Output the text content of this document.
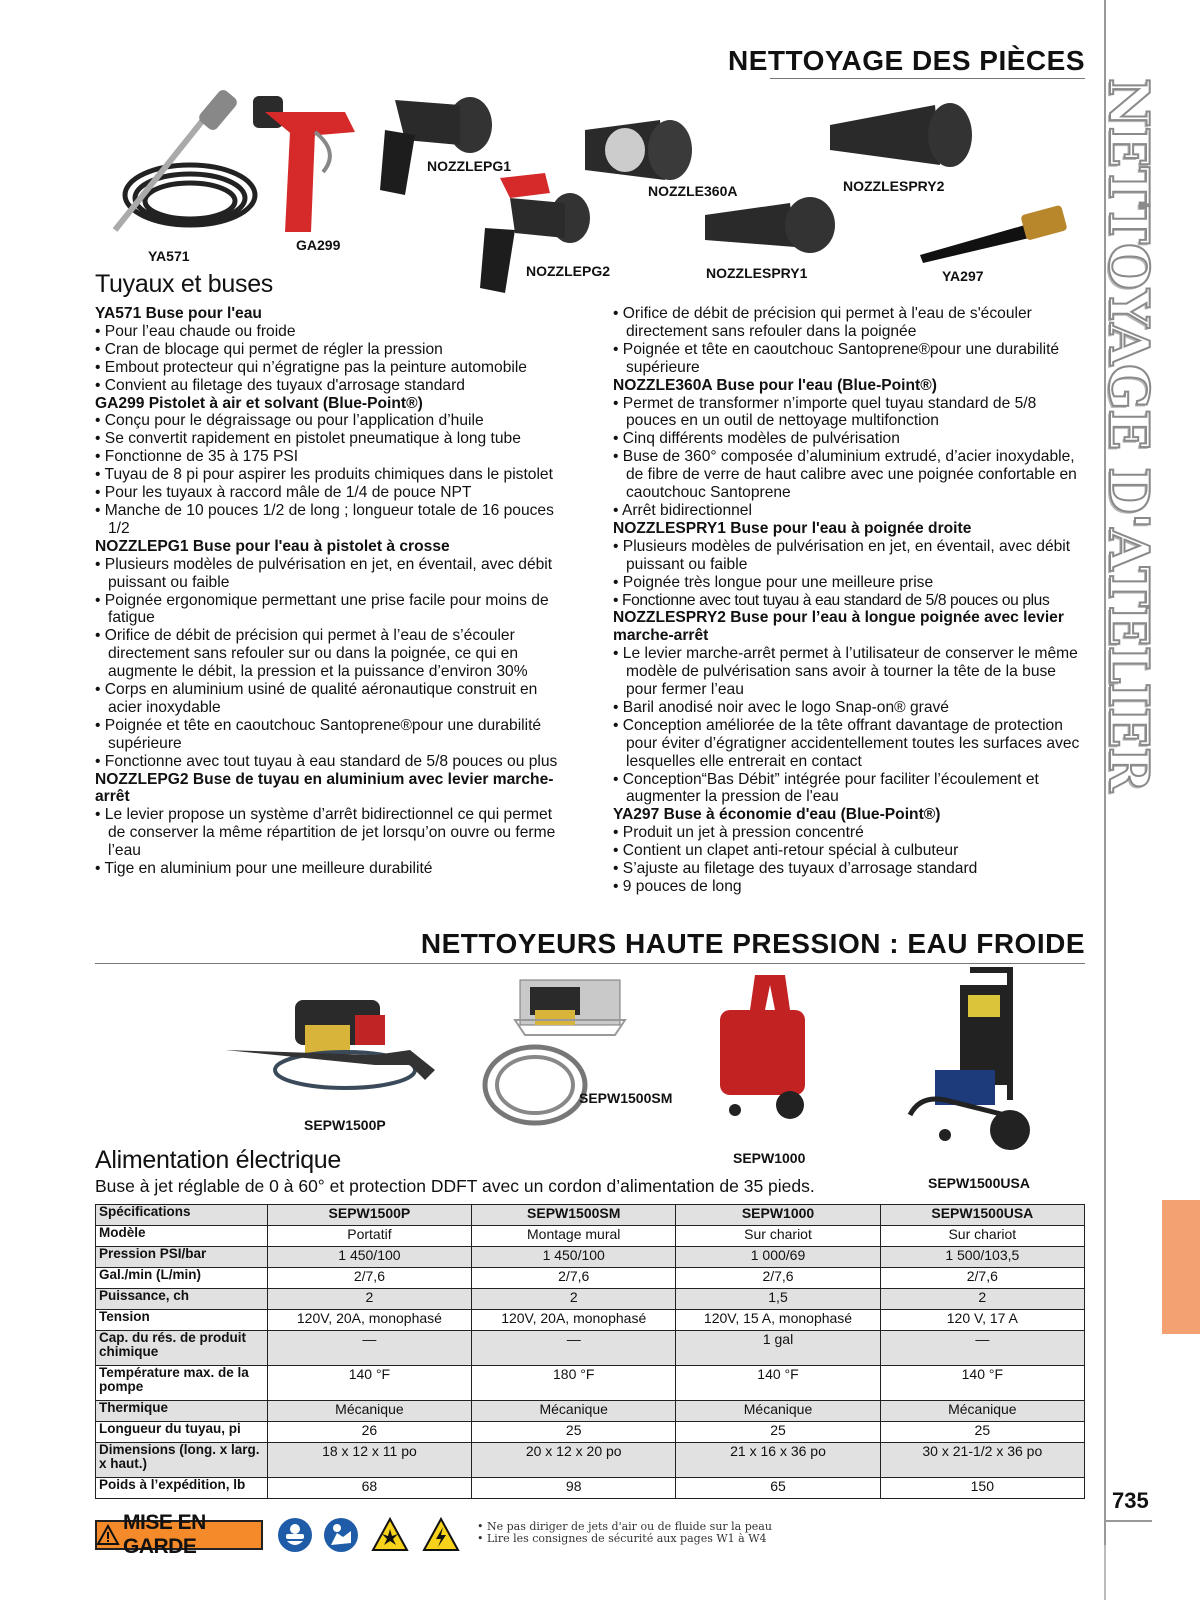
NETTOYAGE D'ATELIER
735
NETTOYAGE DES PIÈCES
YA571
GA299
NOZZLEPG1
NOZZLEPG2
NOZZLE360A
NOZZLESPRY1
NOZZLESPRY2
YA297
Tuyaux et buses
YA571 Buse pour l'eau
• Pour l’eau chaude ou froide
• Cran de blocage qui permet de régler la pression
• Embout protecteur qui n’égratigne pas la peinture automobile
• Convient au filetage des tuyaux d'arrosage standard
GA299 Pistolet à air et solvant (Blue-Point®)
• Conçu pour le dégraissage ou pour l’application d’huile
• Se convertit rapidement en pistolet pneumatique à long tube
• Fonctionne de 35 à 175 PSI
• Tuyau de 8 pi pour aspirer les produits chimiques dans le pistolet
• Pour les tuyaux à raccord mâle de 1/4 de pouce NPT
• Manche de 10 pouces 1/2 de long ; longueur totale de 16 pouces 1/2
NOZZLEPG1 Buse pour l'eau à pistolet à crosse
• Plusieurs modèles de pulvérisation en jet, en éventail, avec débit puissant ou faible
• Poignée ergonomique permettant une prise facile pour moins de fatigue
• Orifice de débit de précision qui permet à l’eau de s’écouler directement sans refouler sur ou dans la poignée, ce qui en augmente le débit, la pression et la puissance d’environ 30%
• Corps en aluminium usiné de qualité aéronautique construit en acier inoxydable
• Poignée et tête en caoutchouc Santoprene®pour une durabilité supérieure
• Fonctionne avec tout tuyau à eau standard de 5/8 pouces ou plus
NOZZLEPG2 Buse de tuyau en aluminium avec levier marche-arrêt
• Le levier propose un système d’arrêt bidirectionnel ce qui permet de conserver la même répartition de jet lorsqu’on ouvre ou ferme l’eau
• Tige en aluminium pour une meilleure durabilité
• Orifice de débit de précision qui permet à l'eau de s'écouler directement sans refouler dans la poignée
• Poignée et tête en caoutchouc Santoprene®pour une durabilité supérieure
NOZZLE360A Buse pour l'eau (Blue-Point®)
• Permet de transformer n’importe quel tuyau standard de 5/8 pouces en un outil de nettoyage multifonction
• Cinq différents modèles de pulvérisation
• Buse de 360° composée d’aluminium extrudé, d’acier inoxydable, de fibre de verre de haut calibre avec une poignée confortable en caoutchouc Santoprene
• Arrêt bidirectionnel
NOZZLESPRY1 Buse pour l'eau à poignée droite
• Plusieurs modèles de pulvérisation en jet, en éventail, avec débit puissant ou faible
• Poignée très longue pour une meilleure prise
• Fonctionne avec tout tuyau à eau standard de 5/8 pouces ou plus
NOZZLESPRY2 Buse pour l’eau à longue poignée avec levier marche-arrêt
• Le levier marche-arrêt permet à l’utilisateur de conserver le même modèle de pulvérisation sans avoir à tourner la tête de la buse pour fermer l’eau
• Baril anodisé noir avec le logo Snap-on® gravé
• Conception améliorée de la tête offrant davantage de protection pour éviter d’égratigner accidentellement toutes les surfaces avec lesquelles elle entrerait en contact
• Conception“Bas Débit” intégrée pour faciliter l’écoulement et augmenter la pression de l'eau
YA297 Buse à économie d'eau (Blue-Point®)
• Produit un jet à pression concentré
• Contient un clapet anti-retour spécial à culbuteur
• S’ajuste au filetage des tuyaux d’arrosage standard
• 9 pouces de long
NETTOYEURS HAUTE PRESSION : EAU FROIDE
SEPW1500P
SEPW1500SM
SEPW1000
SEPW1500USA
Alimentation électrique
Buse à jet réglable de 0 à 60° et protection DDFT avec un cordon d’alimentation de 35 pieds.
Spécifications	SEPW1500P	SEPW1500SM	SEPW1000	SEPW1500USA
Modèle	Portatif	Montage mural	Sur chariot	Sur chariot
Pression PSI/bar	1 450/100	1 450/100	1 000/69	1 500/103,5
Gal./min (L/min)	2/7,6	2/7,6	2/7,6	2/7,6
Puissance, ch	2	2	1,5	2
Tension	120V, 20A, monophasé	120V, 20A, monophasé	120V, 15 A, monophasé	120 V, 17 A
Cap. du rés. de produit chimique	—	—	1 gal	—
Température max. de la pompe	140 °F	180 °F	140 °F	140 °F
Thermique	Mécanique	Mécanique	Mécanique	Mécanique
Longueur du tuyau, pi	26	25	25	25
Dimensions (long. x larg. x haut.)	18 x 12 x 11 po	20 x 12 x 20 po	21 x 16 x 36 po	30 x 21-1/2 x 36 po
Poids à l’expédition, lb	68	98	65	150
MISE EN GARDE
• Ne pas diriger de jets d'air ou de fluide sur la peau
• Lire les consignes de sécurité aux pages W1 à W4
